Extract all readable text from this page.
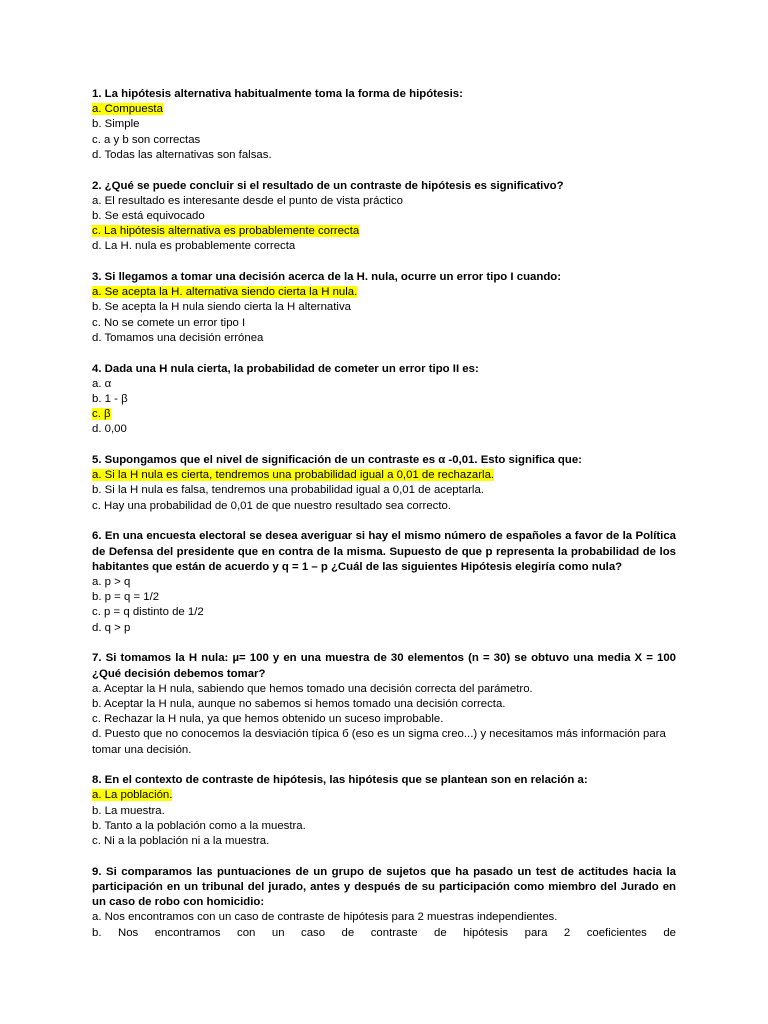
1. La hipótesis alternativa habitualmente toma la forma de hipótesis:

a. Compuesta

b. Simple

c. a y b son correctas

d. Todas las alternativas son falsas.

2. ¿Qué se puede concluir si el resultado de un contraste de hipótesis es significativo?

a. El resultado es interesante desde el punto de vista práctico

b. Se está equivocado

c. La hipótesis alternativa es probablemente correcta

d. La H. nula es probablemente correcta

3. Si llegamos a tomar una decisión acerca de la H. nula, ocurre un error tipo I cuando:

a. Se acepta la H. alternativa siendo cierta la H nula.

b. Se acepta la H nula siendo cierta la H alternativa

c. No se comete un error tipo I

d. Tomamos una decisión errónea

4. Dada una H nula cierta, la probabilidad de cometer un error tipo II es:

a. α

b. 1 - β

c. β

d. 0,00

5. Supongamos que el nivel de significación de un contraste es α -0,01. Esto significa que:

a. Si la H nula es cierta, tendremos una probabilidad igual a 0,01 de rechazarla.

b. Si la H nula es falsa, tendremos una probabilidad igual a 0,01 de aceptarla.

c. Hay una probabilidad de 0,01 de que nuestro resultado sea correcto.

6. En una encuesta electoral se desea averiguar si hay el mismo número de españoles a favor de la Política de Defensa del presidente que en contra de la misma. Supuesto de que p representa la probabilidad de los habitantes que están de acuerdo y q = 1 – p ¿Cuál de las siguientes Hipótesis elegiría como nula?

a. p > q

b. p = q = 1/2

c. p = q distinto de 1/2

d. q > p

7. Si tomamos la H nula: µ= 100 y en una muestra de 30 elementos (n = 30) se obtuvo una media X = 100 ¿Qué decisión debemos tomar?

a. Aceptar la H nula, sabiendo que hemos tomado una decisión correcta del parámetro.

b. Aceptar la H nula, aunque no sabemos si hemos tomado una decisión correcta.

c. Rechazar la H nula, ya que hemos obtenido un suceso improbable.

d. Puesto que no conocemos la desviación típica б (eso es un sigma creo...) y necesitamos más información para tomar una decisión.

8. En el contexto de contraste de hipótesis, las hipótesis que se plantean son en relación a:

a. La población.

b. La muestra.

b. Tanto a la población como a la muestra.

c. Ni a la población ni a la muestra.

9. Si comparamos las puntuaciones de un grupo de sujetos que ha pasado un test de actitudes hacia la participación en un tribunal del jurado, antes y después de su participación como miembro del Jurado en un caso de robo con homicidio:

a. Nos encontramos con un caso de contraste de hipótesis para 2 muestras independientes.

b. Nos encontramos con un caso de contraste de hipótesis para 2 coeficientes de
